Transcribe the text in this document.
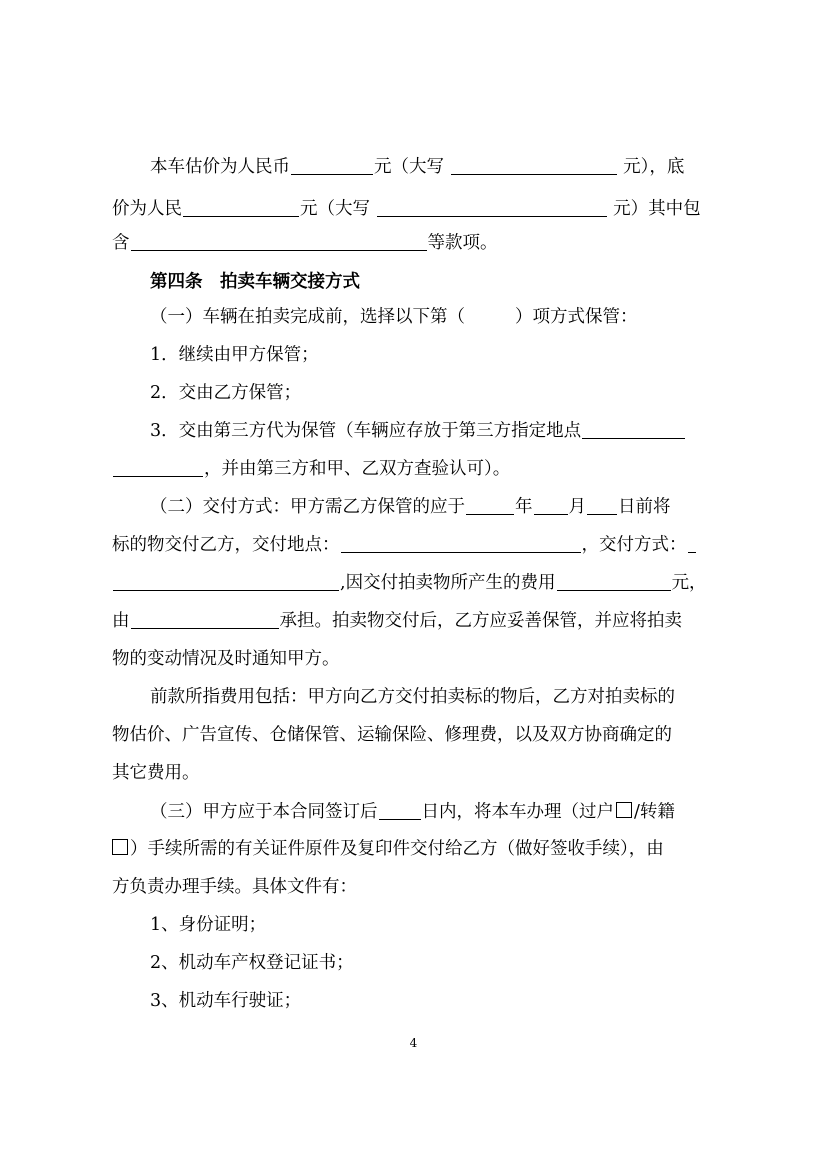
本车估价为人民币	元（大写	元），底
价为人民	元（大写	元）其中包
含	等款项。
第四条　拍卖车辆交接方式
（一）车辆在拍卖完成前，选择以下第（	）项方式保管：
1．继续由甲方保管；
2．交由乙方保管；
3．交由第三方代为保管（车辆应存放于第三方指定地点
，并由第三方和甲、乙双方查验认可）。
（二）交付方式：甲方需乙方保管的应于	年 月 日前将
标的物交付乙方，交付地点：	，交付方式：
,因交付拍卖物所产生的费用	元，
由	承担。拍卖物交付后，乙方应妥善保管，并应将拍卖
物的变动情况及时通知甲方。
前款所指费用包括：甲方向乙方交付拍卖标的物后，乙方对拍卖标的
物估价、广告宣传、仓储保管、运输保险、修理费，以及双方协商确定的
其它费用。
（三）甲方应于本合同签订后	日内，将本车办理（过户 /转籍
）手续所需的有关证件原件及复印件交付给乙方（做好签收手续），由
方负责办理手续。具体文件有：
1、身份证明；
2、机动车产权登记证书；
3、机动车行驶证；
4
